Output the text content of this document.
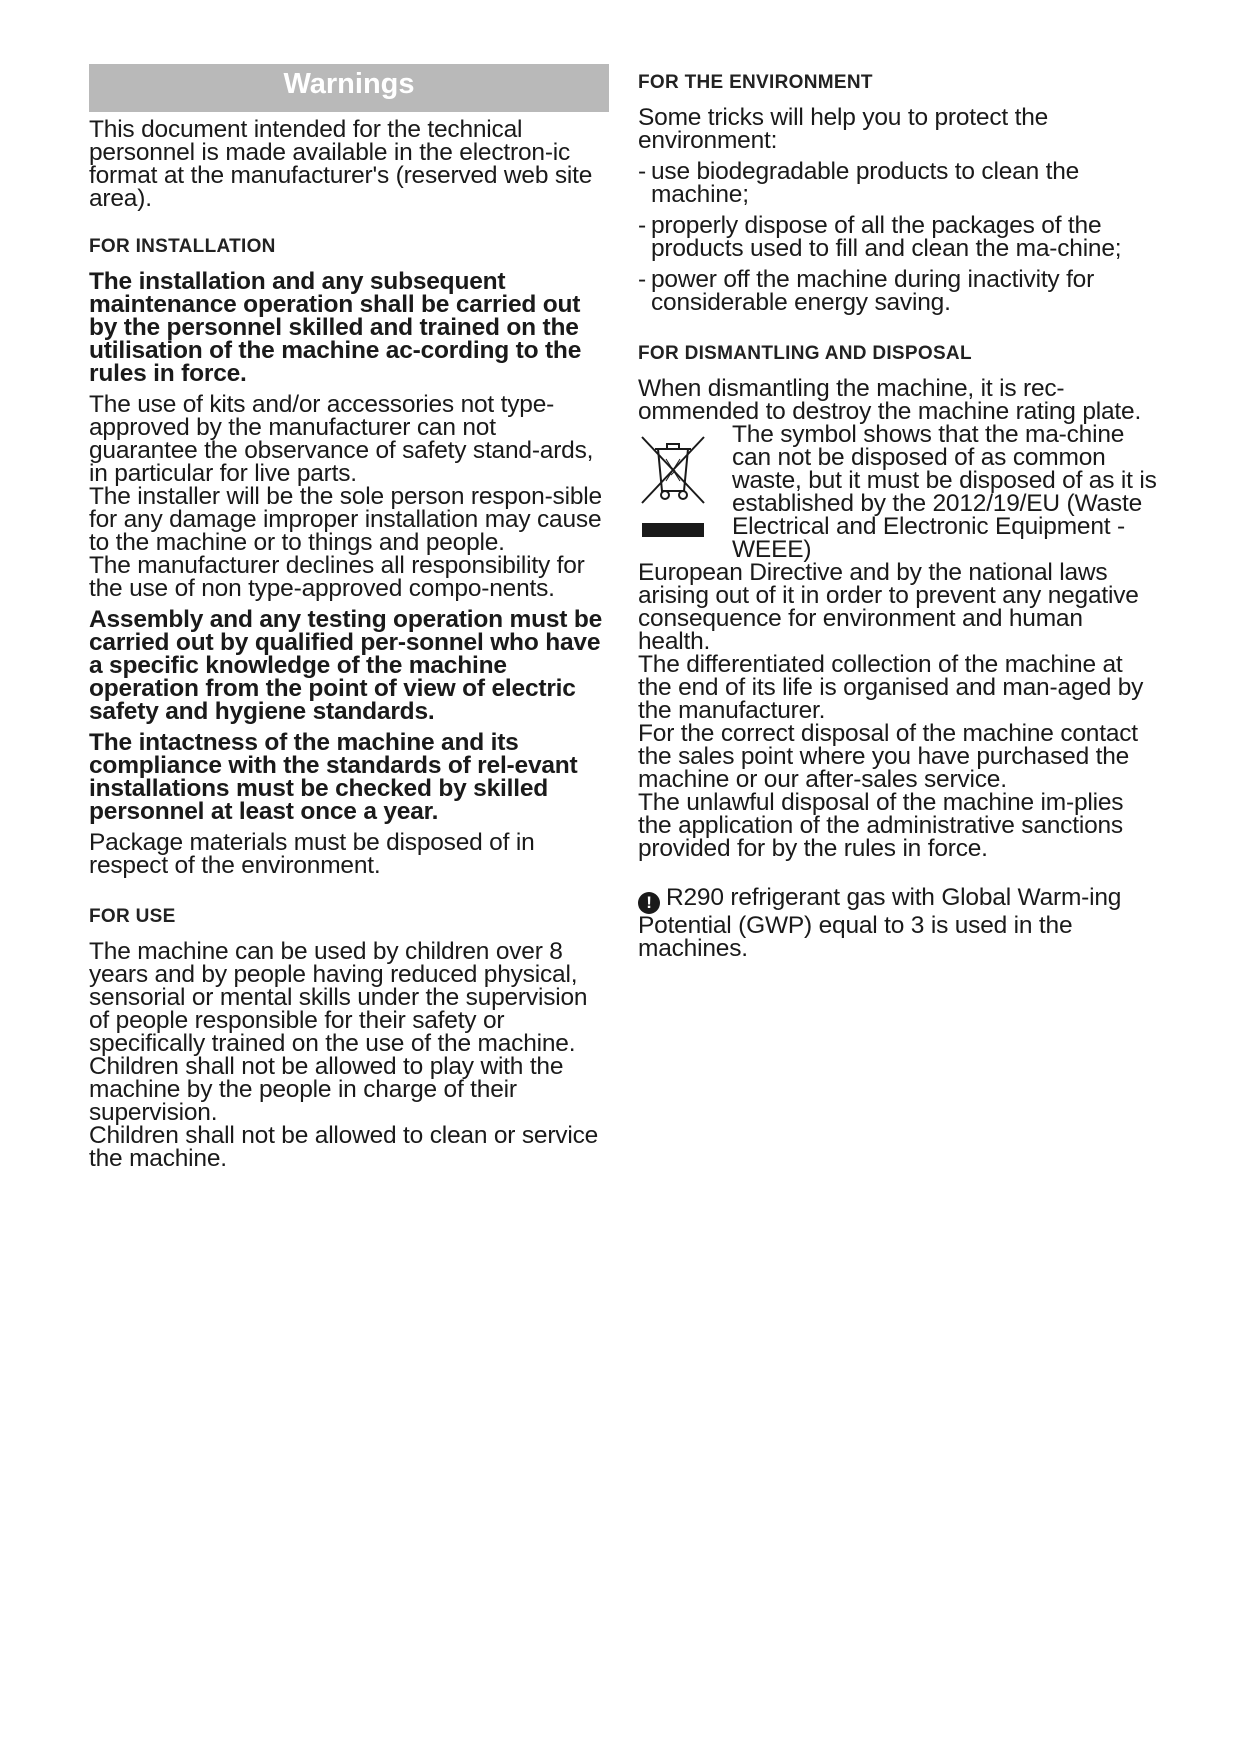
Warnings

This document intended for the technical personnel is made available in the electron-ic format at the manufacturer's (reserved web site area).

FOR INSTALLATION

The installation and any subsequent maintenance operation shall be carried out by the personnel skilled and trained on the utilisation of the machine ac-cording to the rules in force.

The use of kits and/or accessories not type-approved by the manufacturer can not guarantee the observance of safety stand-ards, in particular for live parts.

The installer will be the sole person respon-sible for any damage improper installation may cause to the machine or to things and people.

The manufacturer declines all responsibility for the use of non type-approved compo-nents.

Assembly and any testing operation must be carried out by qualified per-sonnel who have a specific knowledge of the machine operation from the point of view of electric safety and hygiene standards.

The intactness of the machine and its compliance with the standards of rel-evant installations must be checked by skilled personnel at least once a year.

Package materials must be disposed of in respect of the environment.

FOR USE

The machine can be used by children over 8 years and by people having reduced physical, sensorial or mental skills under the supervision of people responsible for their safety or specifically trained on the use of the machine.

Children shall not be allowed to play with the machine by the people in charge of their supervision.

Children shall not be allowed to clean or service the machine.

FOR THE ENVIRONMENT

Some tricks will help you to protect the environment:

- use biodegradable products to clean the machine;

- properly dispose of all the packages of the products used to fill and clean the ma-chine;

- power off the machine during inactivity for considerable energy saving.

FOR DISMANTLING AND DISPOSAL

When dismantling the machine, it is rec-ommended to destroy the machine rating plate.

The symbol shows that the ma-chine can not be disposed of as common waste, but it must be disposed of as it is established by the 2012/19/EU (Waste Electrical and Electronic Equipment - WEEE)

European Directive and by the national laws arising out of it in order to prevent any negative consequence for environment and human health.

The differentiated collection of the machine at the end of its life is organised and man-aged by the manufacturer.

For the correct disposal of the machine contact the sales point where you have purchased the machine or our after-sales service.

The unlawful disposal of the machine im-plies the application of the administrative sanctions provided for by the rules in force.

! R290 refrigerant gas with Global Warm-ing Potential (GWP) equal to 3 is used in the machines.
